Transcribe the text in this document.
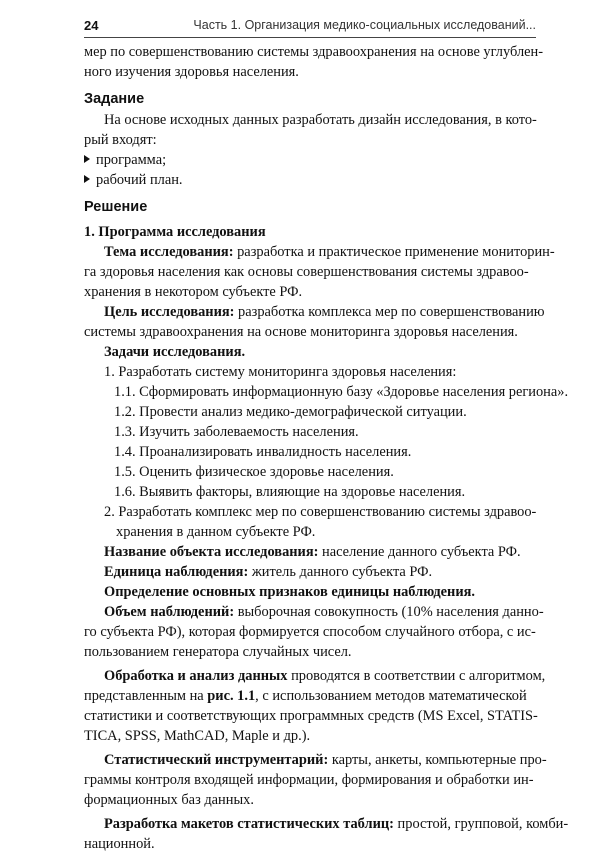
24	Часть 1. Организация медико-социальных исследований...
мер по совершенствованию системы здравоохранения на основе углублен-
ного изучения здоровья населения.
Задание
На основе исходных данных разработать дизайн исследования, в кото-
рый входят:
программа;
рабочий план.
Решение
1. Программа исследования
Тема исследования: разработка и практическое применение мониторин-
га здоровья населения как основы совершенствования системы здравоо-
хранения в некотором субъекте РФ.
Цель исследования: разработка комплекса мер по совершенствованию
системы здравоохранения на основе мониторинга здоровья населения.
Задачи исследования.
1. Разработать систему мониторинга здоровья населения:
1.1. Сформировать информационную базу «Здоровье населения региона».
1.2. Провести анализ медико-демографической ситуации.
1.3. Изучить заболеваемость населения.
1.4. Проанализировать инвалидность населения.
1.5. Оценить физическое здоровье населения.
1.6. Выявить факторы, влияющие на здоровье населения.
2. Разработать комплекс мер по совершенствованию системы здравоо-
хранения в данном субъекте РФ.
Название объекта исследования: население данного субъекта РФ.
Единица наблюдения: житель данного субъекта РФ.
Определение основных признаков единицы наблюдения.
Объем наблюдений: выборочная совокупность (10% населения данно-
го субъекта РФ), которая формируется способом случайного отбора, с ис-
пользованием генератора случайных чисел.
Обработка и анализ данных проводятся в соответствии с алгоритмом,
представленным на рис. 1.1, с использованием методов математической
статистики и соответствующих программных средств (MS Excel, STATIS-
TICA, SPSS, MathCAD, Maple и др.).
Статистический инструментарий: карты, анкеты, компьютерные про-
граммы контроля входящей информации, формирования и обработки ин-
формационных баз данных.
Разработка макетов статистических таблиц: простой, групповой, комби-
национной.
